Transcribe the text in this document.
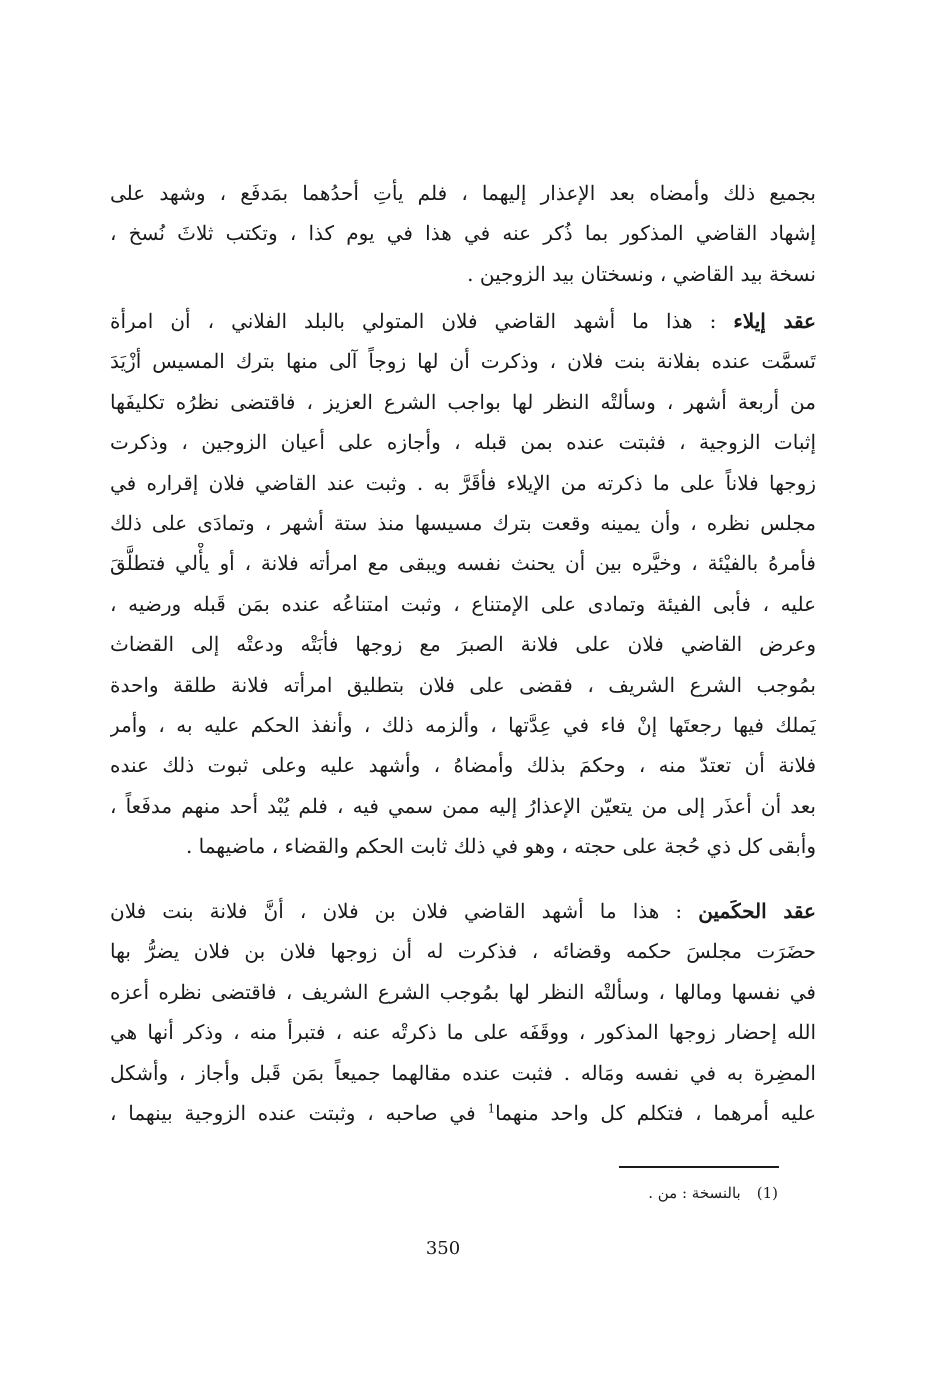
بجميع ذلك وأمضاه بعد الإعذار إليهما ، فلم يأتِ أحدُهما بمَدفَع ، وشهد على
إشهاد القاضي المذكور بما ذُكر عنه في هذا في يوم كذا ، وتكتب ثلاثَ نُسخ ،
نسخة بيد القاضي ، ونسختان بيد الزوجين .
عقد إيلاء : هذا ما أشهد القاضي فلان المتولي بالبلد الفلاني ، أن امرأة
تَسمَّت عنده بفلانة بنت فلان ، وذكرت أن لها زوجاً آلى منها بترك المسيس أزْيَدَ
من أربعة أشهر ، وسألتْه النظر لها بواجب الشرع العزيز ، فاقتضى نظرُه تكليفَها
إثبات الزوجية ، فثبتت عنده بمن قبله ، وأجازه على أعيان الزوجين ، وذكرت
زوجها فلاناً على ما ذكرته من الإيلاء فأقَرَّ به . وثبت عند القاضي فلان إقراره في
مجلس نظره ، وأن يمينه وقعت بترك مسيسها منذ ستة أشهر ، وتمادَى على ذلك
فأمرهُ بالفيْئة ، وخيَّره بين أن يحنث نفسه ويبقى مع امرأته فلانة ، أو يأْلي فتطلَّقَ
عليه ، فأبى الفيئة وتمادى على الإمتناع ، وثبت امتناعُه عنده بمَن قَبله ورضيه ،
وعرض القاضي فلان على فلانة الصبرَ مع زوجها فأبَتْه ودعتْه إلى القضاث
بمُوجب الشرع الشريف ، فقضى على فلان بتطليق امرأته فلانة طلقة واحدة
يَملك فيها رجعتَها إنْ فاء في عِدَّتها ، وألزمه ذلك ، وأنفذ الحكم عليه به ، وأمر
فلانة أن تعتدّ منه ، وحكمَ بذلك وأمضاهُ ، وأشهد عليه وعلى ثبوت ذلك عنده
بعد أن أعذَر إلى من يتعيّن الإعذارُ إليه ممن سمي فيه ، فلم يُبْد أحد منهم مدفَعاً ،
وأبقى كل ذي حُجة على حجته ، وهو في ذلك ثابت الحكم والقضاء ، ماضيهما .
عقد الحكَمين : هذا ما أشهد القاضي فلان بن فلان ، أنَّ فلانة بنت فلان
حضَرَت مجلسَ حكمه وقضائه ، فذكرت له أن زوجها فلان بن فلان يضرُّ بها
في نفسها ومالها ، وسألتْه النظر لها بمُوجب الشرع الشريف ، فاقتضى نظره أعزه
الله إحضار زوجها المذكور ، ووقَفَه على ما ذكرتْه عنه ، فتبرأ منه ، وذكر أنها هي
المضِرة به في نفسه ومَاله . فثبت عنده مقالهما جميعاً بمَن قَبل وأجاز ، وأشكل
عليه أمرهما ، فتكلم كل واحد منهما$^1$ في صاحبه ، وثبتت عنده الزوجية بينهما ،
(1)بالنسخة : من .
350
